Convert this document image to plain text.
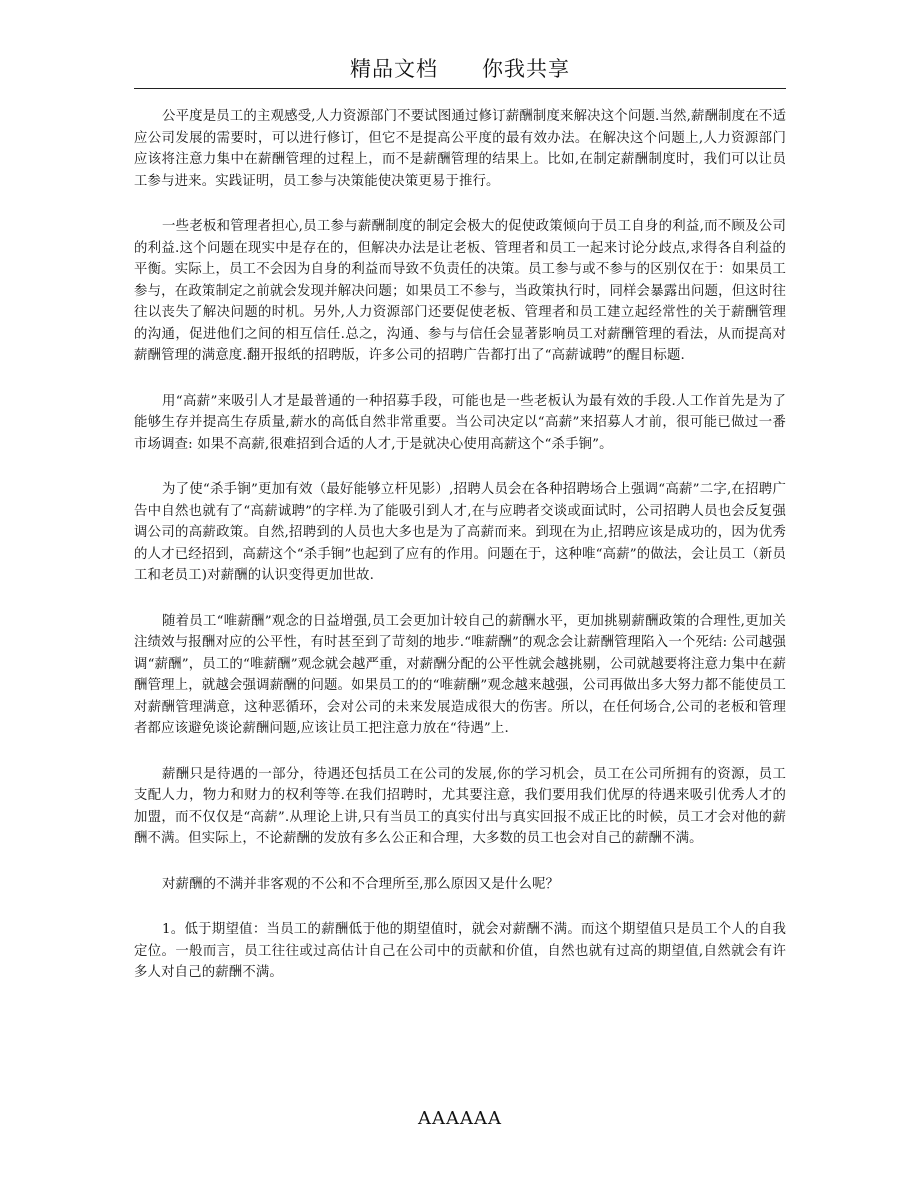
精品文档 你我共享

公平度是员工的主观感受,人力资源部门不要试图通过修订薪酬制度来解决这个问题.当然,薪酬制度在不适应公司发展的需要时，可以进行修订，但它不是提高公平度的最有效办法。在解决这个问题上,人力资源部门应该将注意力集中在薪酬管理的过程上，而不是薪酬管理的结果上。比如,在制定薪酬制度时，我们可以让员工参与进来。实践证明，员工参与决策能使决策更易于推行。

一些老板和管理者担心,员工参与薪酬制度的制定会极大的促使政策倾向于员工自身的利益,而不顾及公司的利益.这个问题在现实中是存在的，但解决办法是让老板、管理者和员工一起来讨论分歧点,求得各自利益的平衡。实际上，员工不会因为自身的利益而导致不负责任的决策。员工参与或不参与的区别仅在于：如果员工参与，在政策制定之前就会发现并解决问题；如果员工不参与，当政策执行时，同样会暴露出问题，但这时往往以丧失了解决问题的时机。另外,人力资源部门还要促使老板、管理者和员工建立起经常性的关于薪酬管理的沟通，促进他们之间的相互信任.总之，沟通、参与与信任会显著影响员工对薪酬管理的看法，从而提高对薪酬管理的满意度.翻开报纸的招聘版，许多公司的招聘广告都打出了“高薪诚聘”的醒目标题.

用“高薪”来吸引人才是最普通的一种招募手段，可能也是一些老板认为最有效的手段.人工作首先是为了能够生存并提高生存质量,薪水的高低自然非常重要。当公司决定以“高薪”来招募人才前，很可能已做过一番市场调查: 如果不高薪,很难招到合适的人才,于是就决心使用高薪这个“杀手锏”。

为了使“杀手锏”更加有效（最好能够立杆见影）,招聘人员会在各种招聘场合上强调“高薪”二字,在招聘广告中自然也就有了“高薪诚聘”的字样.为了能吸引到人才,在与应聘者交谈或面试时，公司招聘人员也会反复强调公司的高薪政策。自然,招聘到的人员也大多也是为了高薪而来。到现在为止,招聘应该是成功的，因为优秀的人才已经招到，高薪这个“杀手锏”也起到了应有的作用。问题在于，这种唯“高薪”的做法，会让员工（新员工和老员工)对薪酬的认识变得更加世故.

随着员工“唯薪酬”观念的日益增强,员工会更加计较自己的薪酬水平，更加挑剔薪酬政策的合理性,更加关注绩效与报酬对应的公平性，有时甚至到了苛刻的地步.“唯薪酬”的观念会让薪酬管理陷入一个死结: 公司越强调“薪酬”，员工的“唯薪酬”观念就会越严重，对薪酬分配的公平性就会越挑剔，公司就越要将注意力集中在薪酬管理上，就越会强调薪酬的问题。如果员工的的“唯薪酬”观念越来越强，公司再做出多大努力都不能使员工对薪酬管理满意，这种恶循环，会对公司的未来发展造成很大的伤害。所以，在任何场合,公司的老板和管理者都应该避免谈论薪酬问题,应该让员工把注意力放在“待遇”上.

薪酬只是待遇的一部分，待遇还包括员工在公司的发展,你的学习机会，员工在公司所拥有的资源，员工支配人力，物力和财力的权利等等.在我们招聘时，尤其要注意，我们要用我们优厚的待遇来吸引优秀人才的加盟，而不仅仅是“高薪”.从理论上讲,只有当员工的真实付出与真实回报不成正比的时候，员工才会对他的薪酬不满。但实际上，不论薪酬的发放有多么公正和合理，大多数的员工也会对自己的薪酬不满。

对薪酬的不满并非客观的不公和不合理所至,那么原因又是什么呢？

1。低于期望值：当员工的薪酬低于他的期望值时，就会对薪酬不满。而这个期望值只是员工个人的自我定位。一般而言，员工往往或过高估计自己在公司中的贡献和价值，自然也就有过高的期望值,自然就会有许多人对自己的薪酬不满。

AAAAAA
